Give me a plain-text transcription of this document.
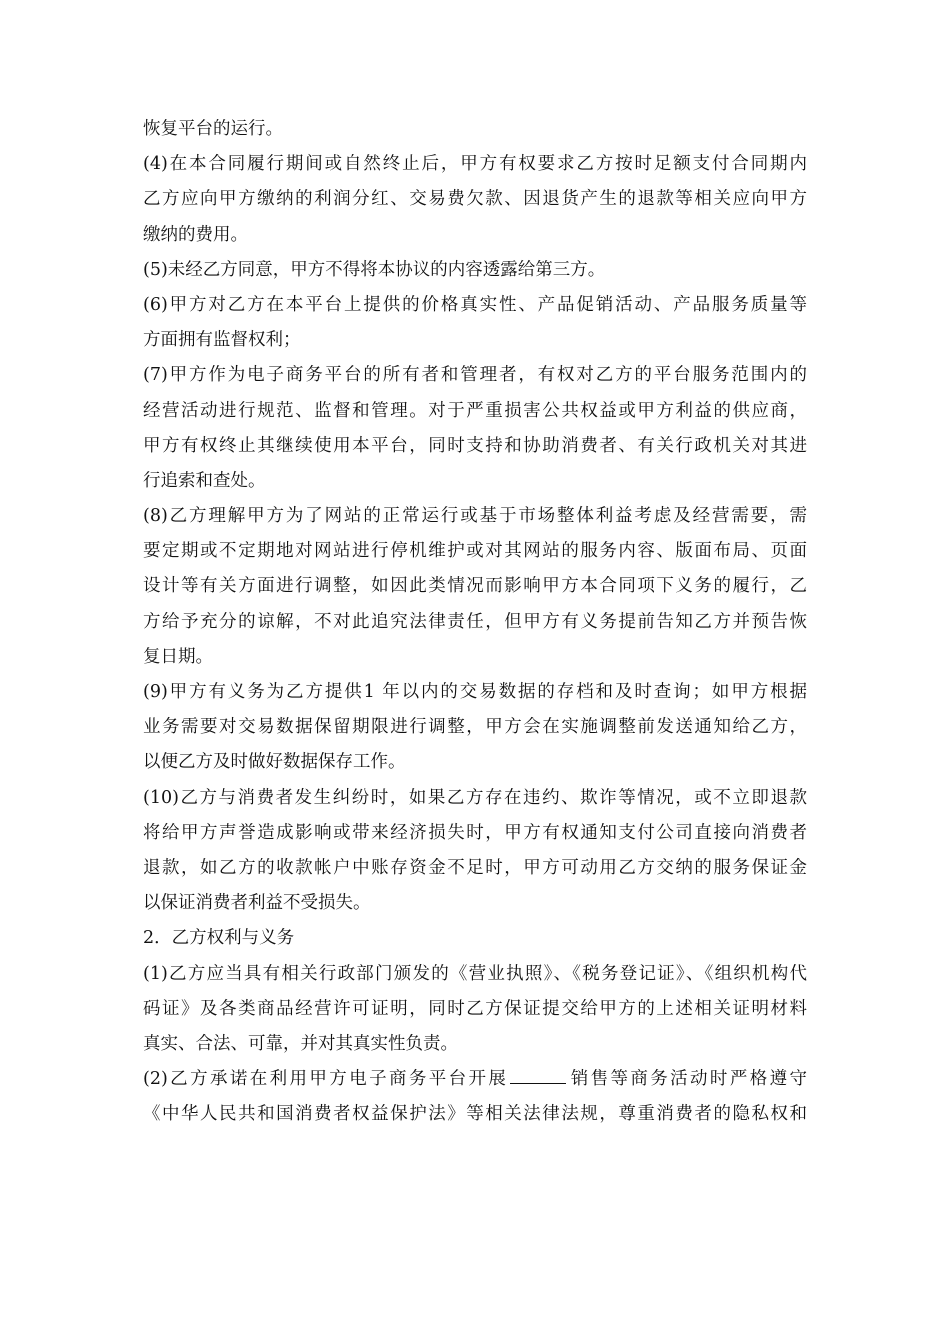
恢复平台的运行。
(4)在本合同履行期间或自然终止后，甲方有权要求乙方按时足额支付合同期内
乙方应向甲方缴纳的利润分红、交易费欠款、因退货产生的退款等相关应向甲方
缴纳的费用。
(5)未经乙方同意，甲方不得将本协议的内容透露给第三方。
(6)甲方对乙方在本平台上提供的价格真实性、产品促销活动、产品服务质量等
方面拥有监督权利；
(7)甲方作为电子商务平台的所有者和管理者，有权对乙方的平台服务范围内的
经营活动进行规范、监督和管理。对于严重损害公共权益或甲方利益的供应商，
甲方有权终止其继续使用本平台，同时支持和协助消费者、有关行政机关对其进
行追索和查处。
(8)乙方理解甲方为了网站的正常运行或基于市场整体利益考虑及经营需要，需
要定期或不定期地对网站进行停机维护或对其网站的服务内容、版面布局、页面
设计等有关方面进行调整，如因此类情况而影响甲方本合同项下义务的履行，乙
方给予充分的谅解，不对此追究法律责任，但甲方有义务提前告知乙方并预告恢
复日期。
(9)甲方有义务为乙方提供1 年以内的交易数据的存档和及时查询；如甲方根据
业务需要对交易数据保留期限进行调整，甲方会在实施调整前发送通知给乙方，
以便乙方及时做好数据保存工作。
(10)乙方与消费者发生纠纷时，如果乙方存在违约、欺诈等情况，或不立即退款
将给甲方声誉造成影响或带来经济损失时，甲方有权通知支付公司直接向消费者
退款，如乙方的收款帐户中账存资金不足时，甲方可动用乙方交纳的服务保证金
以保证消费者利益不受损失。
2．乙方权利与义务
(1)乙方应当具有相关行政部门颁发的《营业执照》、《税务登记证》、《组织机构代
码证》及各类商品经营许可证明，同时乙方保证提交给甲方的上述相关证明材料
真实、合法、可靠，并对其真实性负责。
(2)乙方承诺在利用甲方电子商务平台开展	销售等商务活动时严格遵守
《中华人民共和国消费者权益保护法》等相关法律法规，尊重消费者的隐私权和
